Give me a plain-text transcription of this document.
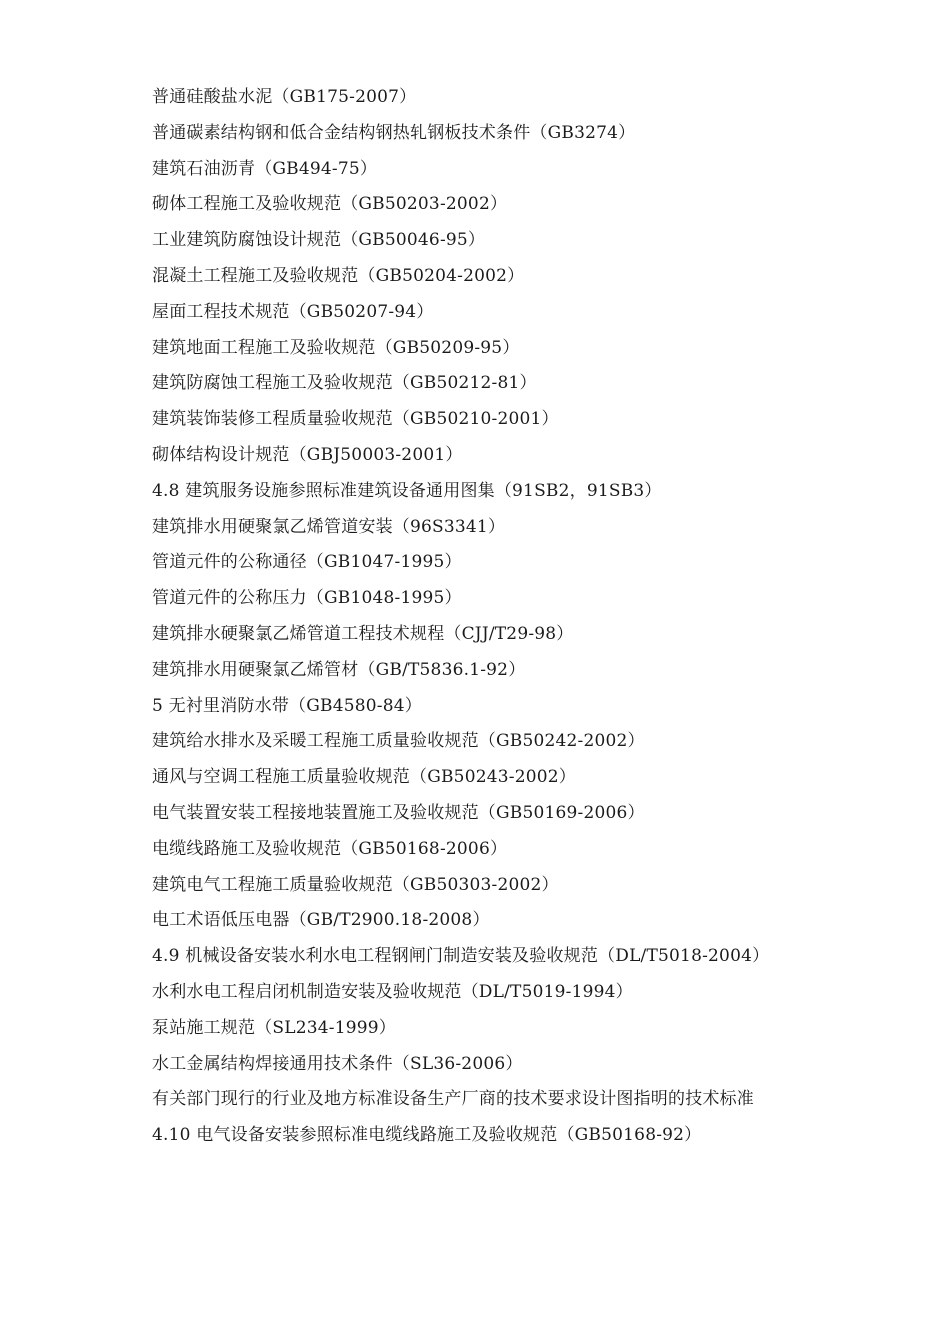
普通硅酸盐水泥（GB175-2007）
普通碳素结构钢和低合金结构钢热轧钢板技术条件（GB3274）
建筑石油沥青（GB494-75）
砌体工程施工及验收规范（GB50203-2002）
工业建筑防腐蚀设计规范（GB50046-95）
混凝土工程施工及验收规范（GB50204-2002）
屋面工程技术规范（GB50207-94）
建筑地面工程施工及验收规范（GB50209-95）
建筑防腐蚀工程施工及验收规范（GB50212-81）
建筑装饰装修工程质量验收规范（GB50210-2001）
砌体结构设计规范（GBJ50003-2001）
4.8 建筑服务设施参照标准建筑设备通用图集（91SB2，91SB3）
建筑排水用硬聚氯乙烯管道安装（96S3341）
管道元件的公称通径（GB1047-1995）
管道元件的公称压力（GB1048-1995）
建筑排水硬聚氯乙烯管道工程技术规程（CJJ/T29-98）
建筑排水用硬聚氯乙烯管材（GB/T5836.1-92）
5 无衬里消防水带（GB4580-84）
建筑给水排水及采暖工程施工质量验收规范（GB50242-2002）
通风与空调工程施工质量验收规范（GB50243-2002）
电气装置安装工程接地装置施工及验收规范（GB50169-2006）
电缆线路施工及验收规范（GB50168-2006）
建筑电气工程施工质量验收规范（GB50303-2002）
电工术语低压电器（GB/T2900.18-2008）
4.9 机械设备安装水利水电工程钢闸门制造安装及验收规范（DL/T5018-2004）
水利水电工程启闭机制造安装及验收规范（DL/T5019-1994）
泵站施工规范（SL234-1999）
水工金属结构焊接通用技术条件（SL36-2006）
有关部门现行的行业及地方标准设备生产厂商的技术要求设计图指明的技术标准
4.10 电气设备安装参照标准电缆线路施工及验收规范（GB50168-92）
